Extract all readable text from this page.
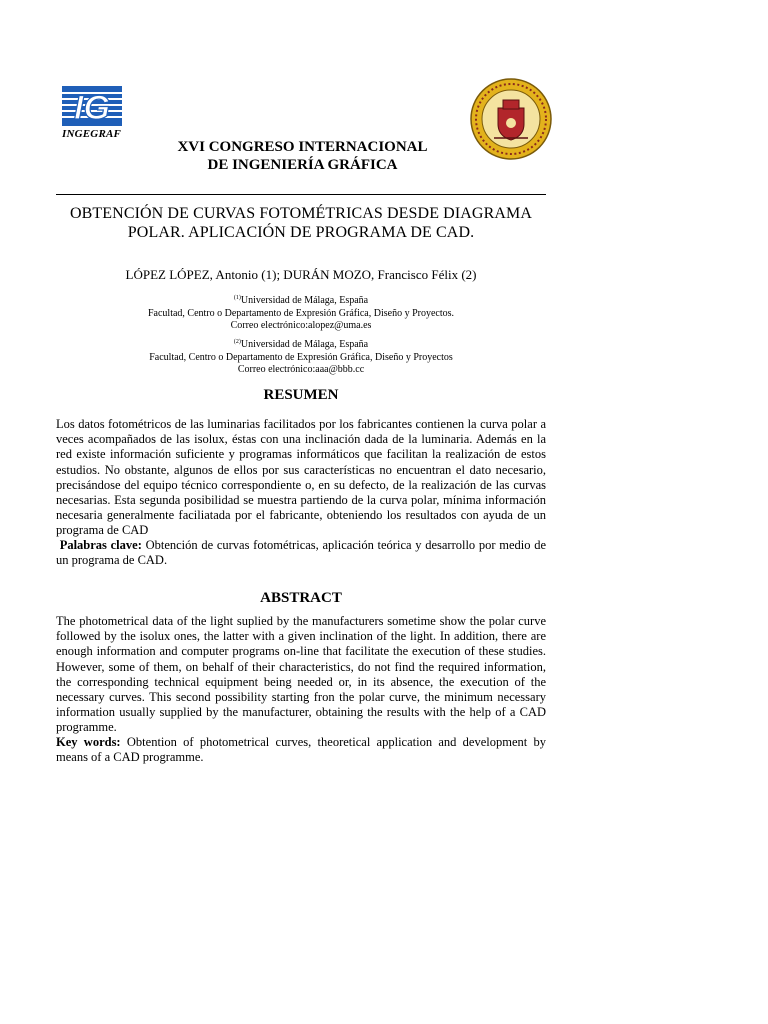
IG
INGEGRAF
XVI CONGRESO INTERNACIONAL
DE INGENIERÍA GRÁFICA
OBTENCIÓN DE CURVAS FOTOMÉTRICAS DESDE DIAGRAMA
POLAR. APLICACIÓN DE PROGRAMA DE CAD.
LÓPEZ LÓPEZ, Antonio (1); DURÁN MOZO, Francisco Félix (2)
$^{(1)}$Universidad de Málaga, España
Facultad, Centro o Departamento de Expresión Gráfica, Diseño y Proyectos.
Correo electrónico:alopez@uma.es
$^{(2)}$Universidad de Málaga, España
Facultad, Centro o Departamento de Expresión Gráfica, Diseño y Proyectos
Correo electrónico:aaa@bbb.cc
RESUMEN
Los datos fotométricos de las luminarias facilitados por los fabricantes contienen la curva polar a veces acompañados de las isolux, éstas con una inclinación dada de la luminaria. Además en la red existe información suficiente y programas informáticos que facilitan la realización de estos estudios. No obstante, algunos de ellos por sus características no encuentran el dato necesario, precisándose del equipo técnico correspondiente o, en su defecto, de la realización de las curvas necesarias. Esta segunda posibilidad se muestra partiendo de la curva polar, mínima información necesaria generalmente faciliatada por el fabricante, obteniendo los resultados con ayuda de un programa de CAD
Palabras clave: Obtención de curvas fotométricas, aplicación teórica y desarrollo por medio de un programa de CAD.
ABSTRACT
The photometrical data of the light suplied by the manufacturers sometime show the polar curve followed by the isolux ones, the latter with a given inclination of the light. In addition, there are enough information and computer programs on-line that facilitate the execution of these studies. However, some of them, on behalf of their characteristics, do not find the required information, the corresponding technical equipment being needed or, in its absence, the execution of the necessary curves. This second possibility starting fron the polar curve, the minimum necessary information usually supplied by the manufacturer, obtaining the results with the help of a CAD programme.
Key words: Obtention of photometrical curves, theoretical application and development by means of a CAD programme.
